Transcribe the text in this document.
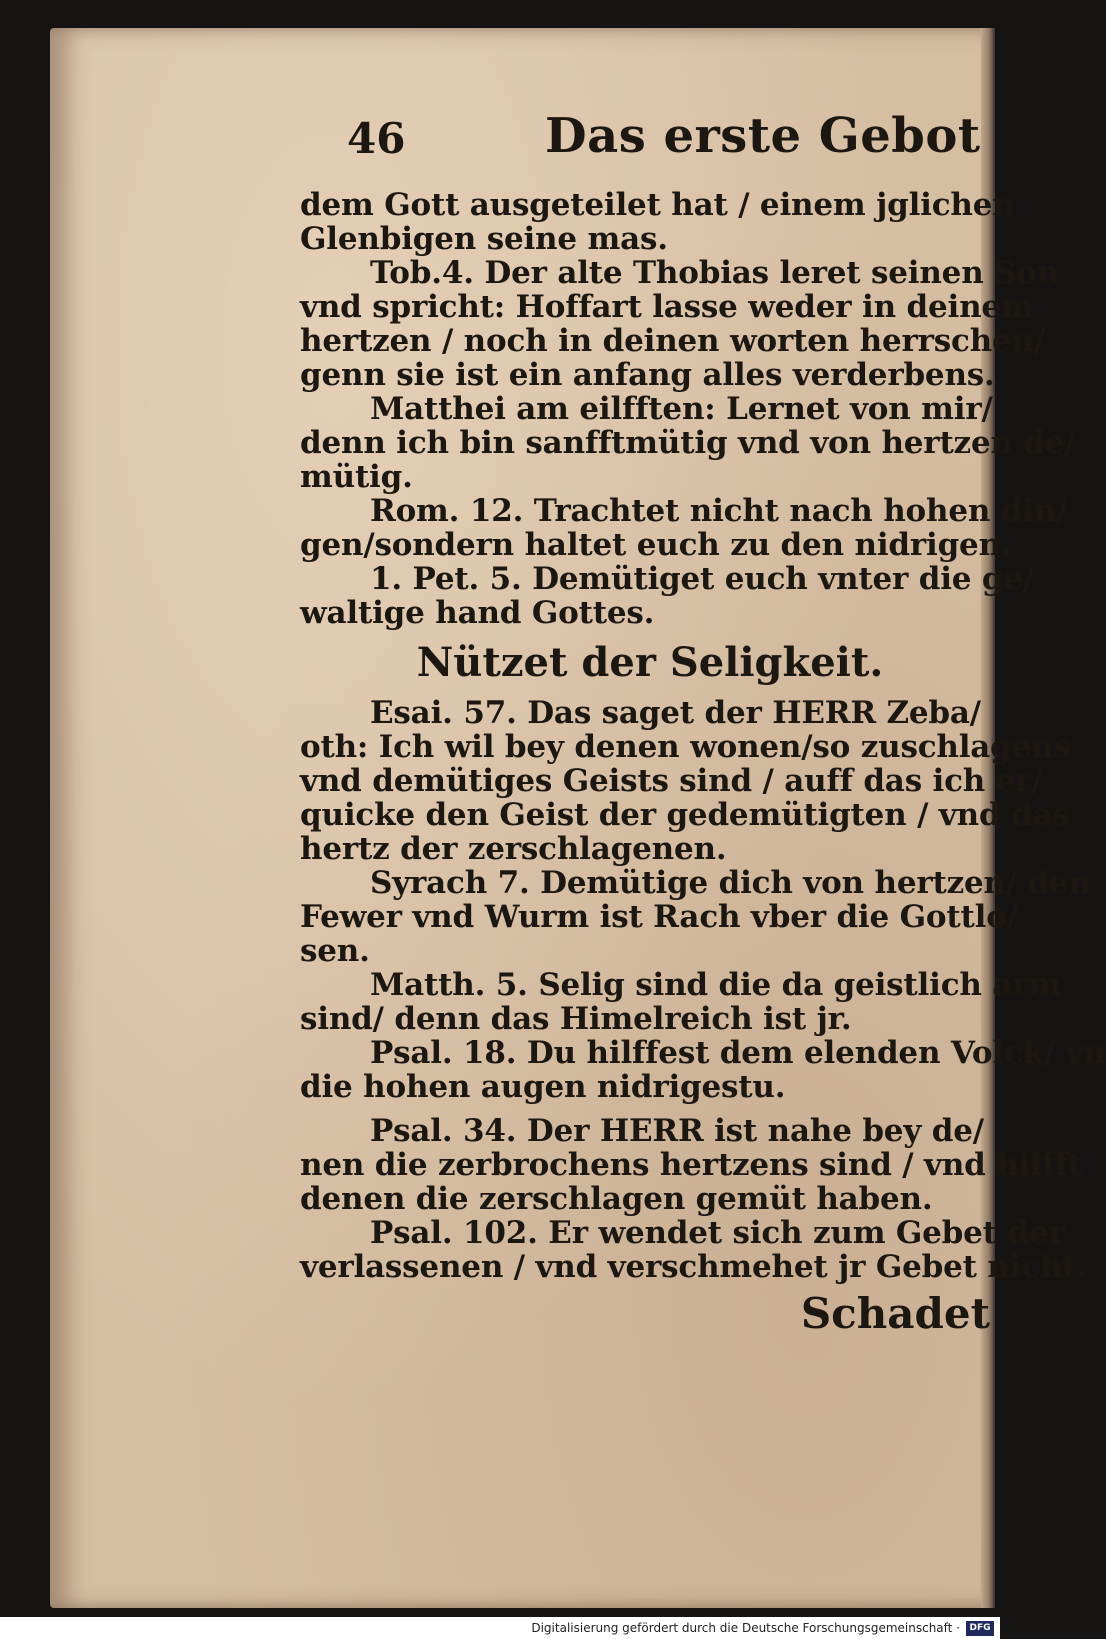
46	Das erste Gebot
dem Gott ausgeteilet hat / einem jglichen
Glenbigen seine mas.
Tob.4. Der alte Thobias leret seinen Son
vnd spricht: Hoffart lasse weder in deinem
hertzen / noch in deinen worten herrschen/
genn sie ist ein anfang alles verderbens.
Matthei am eilfften: Lernet von mir/
denn ich bin sanfftmütig vnd von hertzen de/
mütig.
Rom. 12. Trachtet nicht nach hohen din/
gen/sondern haltet euch zu den nidrigen.
1. Pet. 5. Demütiget euch vnter die ge/
waltige hand Gottes.
Nützet der Seligkeit.
Esai. 57. Das saget der HERR Zeba/
oth: Ich wil bey denen wonen/so zuschlagens
vnd demütiges Geists sind / auff das ich er/
quicke den Geist der gedemütigten / vnd das
hertz der zerschlagenen.
Syrach 7. Demütige dich von hertzen/ den
Fewer vnd Wurm ist Rach vber die Gottlo/
sen.
Matth. 5. Selig sind die da geistlich arm
sind/ denn das Himelreich ist jr.
Psal. 18. Du hilffest dem elenden Volck/ vn
die hohen augen nidrigestu.
Psal. 34. Der HERR ist nahe bey de/
nen die zerbrochens hertzens sind / vnd hilfft
denen die zerschlagen gemüt haben.
Psal. 102. Er wendet sich zum Gebet der
verlassenen / vnd verschmehet jr Gebet nicht.
Schadet
Digitalisierung gefördert durch die Deutsche Forschungsgemeinschaft ·	DFG
